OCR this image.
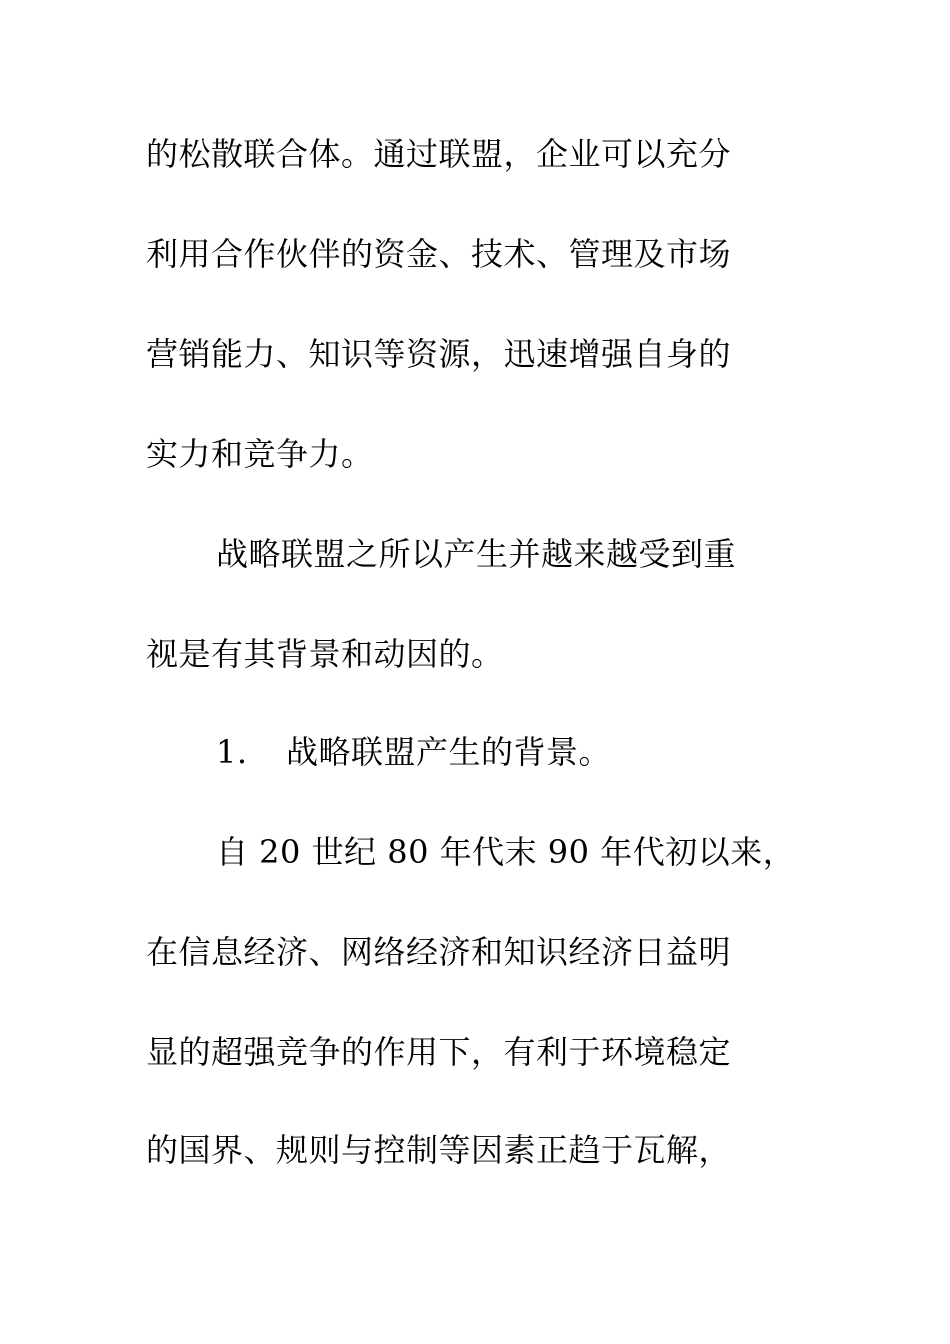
的松散联合体。通过联盟，企业可以充分
利用合作伙伴的资金、技术、管理及市场
营销能力、知识等资源，迅速增强自身的
实力和竞争力。
战略联盟之所以产生并越来越受到重
视是有其背景和动因的。
1. 战略联盟产生的背景。
自 20 世纪 80 年代末 90 年代初以来，
在信息经济、网络经济和知识经济日益明
显的超强竞争的作用下，有利于环境稳定
的国界、规则与控制等因素正趋于瓦解，
